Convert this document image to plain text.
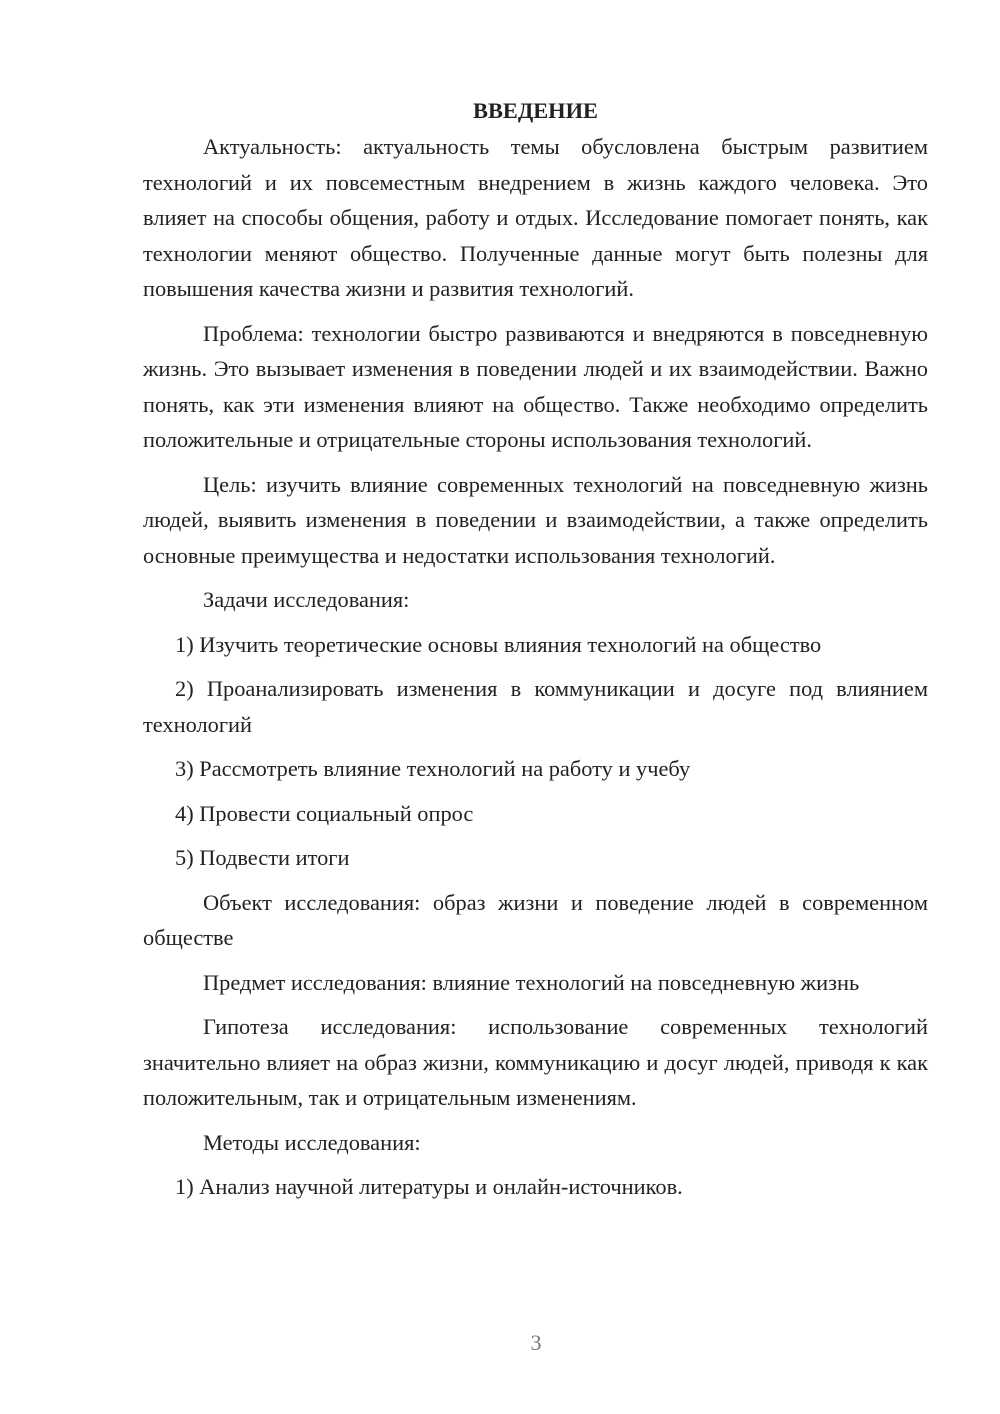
ВВЕДЕНИЕ

Актуальность: актуальность темы обусловлена быстрым развитием технологий и их повсеместным внедрением в жизнь каждого человека. Это влияет на способы общения, работу и отдых. Исследование помогает понять, как технологии меняют общество. Полученные данные могут быть полезны для повышения качества жизни и развития технологий.

Проблема: технологии быстро развиваются и внедряются в повседневную жизнь. Это вызывает изменения в поведении людей и их взаимодействии. Важно понять, как эти изменения влияют на общество. Также необходимо определить положительные и отрицательные стороны использования технологий.

Цель: изучить влияние современных технологий на повседневную жизнь людей, выявить изменения в поведении и взаимодействии, а также определить основные преимущества и недостатки использования технологий.

Задачи исследования:

1) Изучить теоретические основы влияния технологий на общество

2) Проанализировать изменения в коммуникации и досуге под влиянием технологий

3) Рассмотреть влияние технологий на работу и учебу

4) Провести социальный опрос

5) Подвести итоги

Объект исследования: образ жизни и поведение людей в современном обществе

Предмет исследования: влияние технологий на повседневную жизнь

Гипотеза исследования: использование современных технологий значительно влияет на образ жизни, коммуникацию и досуг людей, приводя к как положительным, так и отрицательным изменениям.

Методы исследования:

1) Анализ научной литературы и онлайн-источников.

3
